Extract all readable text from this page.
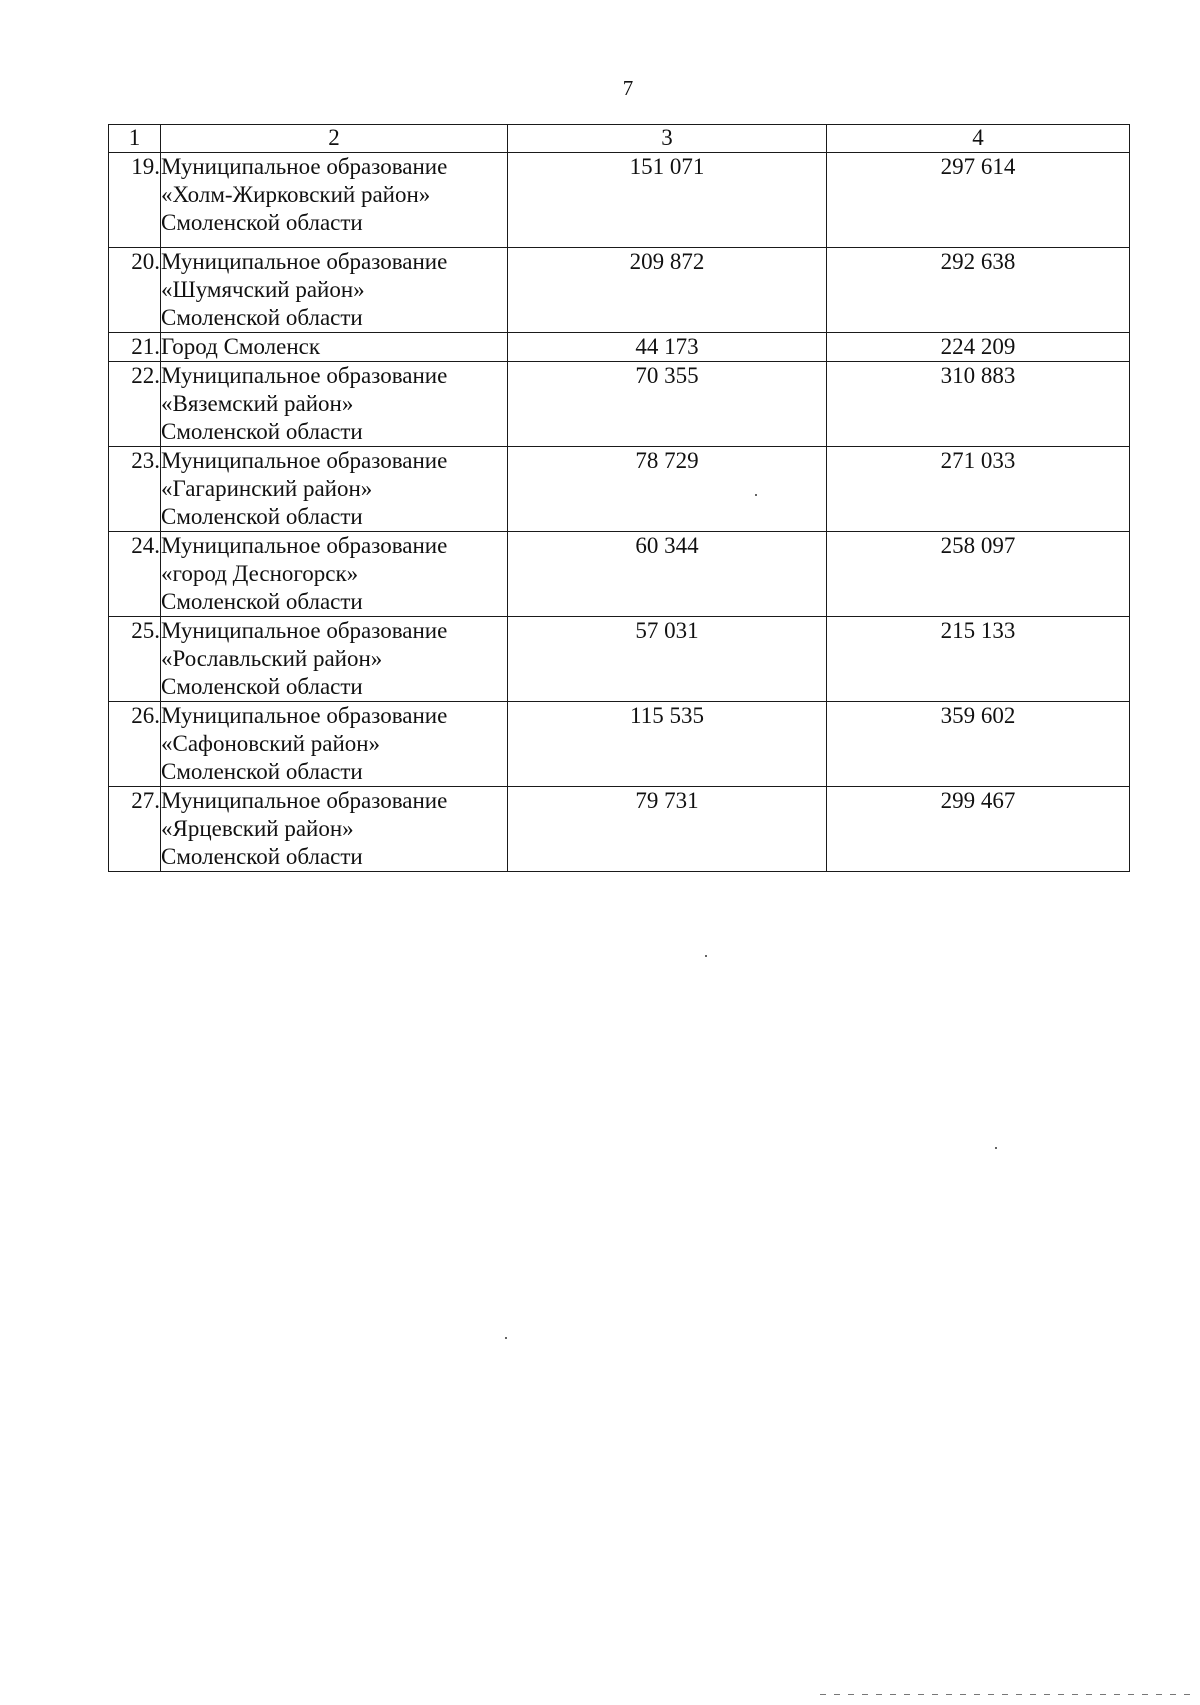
7
1	2	3	4
19.	Муниципальное образование
«Холм-Жирковский район»
Смоленской области	151 071	297 614
20.	Муниципальное образование
«Шумячский район»
Смоленской области	209 872	292 638
21.	Город Смоленск	44 173	224 209
22.	Муниципальное образование
«Вяземский район»
Смоленской области	70 355	310 883
23.	Муниципальное образование
«Гагаринский район»
Смоленской области	78 729	271 033
24.	Муниципальное образование
«город Десногорск»
Смоленской области	60 344	258 097
25.	Муниципальное образование
«Рославльский район»
Смоленской области	57 031	215 133
26.	Муниципальное образование
«Сафоновский район»
Смоленской области	115 535	359 602
27.	Муниципальное образование
«Ярцевский район»
Смоленской области	79 731	299 467
